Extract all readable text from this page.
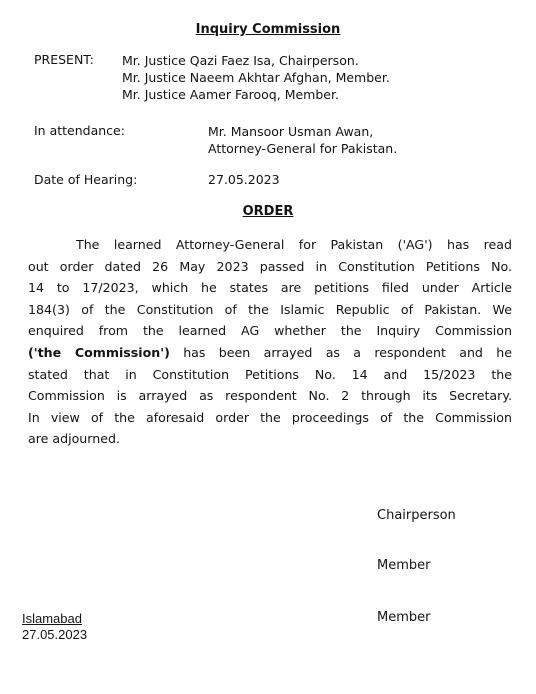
Inquiry Commission
PRESENT: Mr. Justice Qazi Faez Isa, Chairperson.
Mr. Justice Naeem Akhtar Afghan, Member.
Mr. Justice Aamer Farooq, Member.
In attendance:	Mr. Mansoor Usman Awan,
Attorney-General for Pakistan.
Date of Hearing:	27.05.2023
ORDER
The learned Attorney-General for Pakistan ('AG') has read
out order dated 26 May 2023 passed in Constitution Petitions No.
14 to 17/2023, which he states are petitions filed under Article
184(3) of the Constitution of the Islamic Republic of Pakistan. We
enquired from the learned AG whether the Inquiry Commission
('the Commission') has been arrayed as a respondent and he
stated that in Constitution Petitions No. 14 and 15/2023 the
Commission is arrayed as respondent No. 2 through its Secretary.
In view of the aforesaid order the proceedings of the Commission
are adjourned.
Chairperson
Member
Member
Islamabad
27.05.2023
